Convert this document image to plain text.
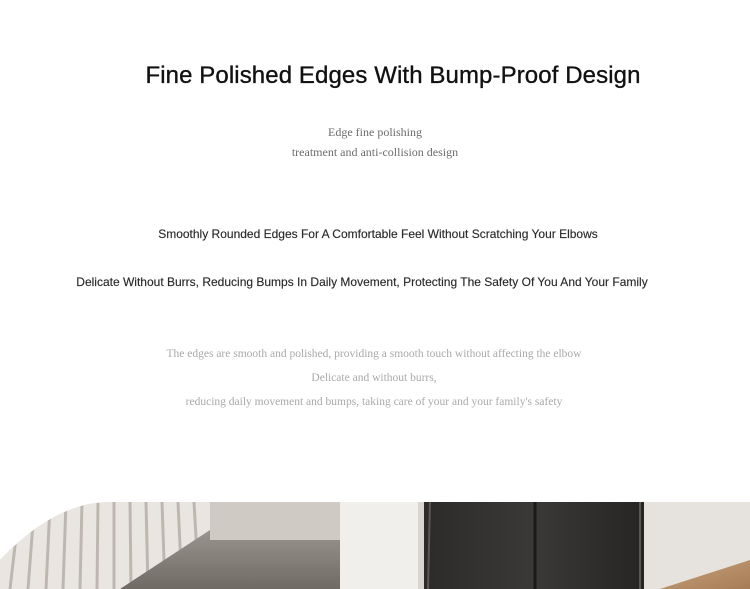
Fine Polished Edges With Bump-Proof Design
Edge fine polishing
treatment and anti-collision design
Smoothly Rounded Edges For A Comfortable Feel Without Scratching Your Elbows
Delicate Without Burrs, Reducing Bumps In Daily Movement, Protecting The Safety Of You And Your Family
The edges are smooth and polished, providing a smooth touch without affecting the elbow
Delicate and without burrs,
reducing daily movement and bumps, taking care of your and your family's safety
